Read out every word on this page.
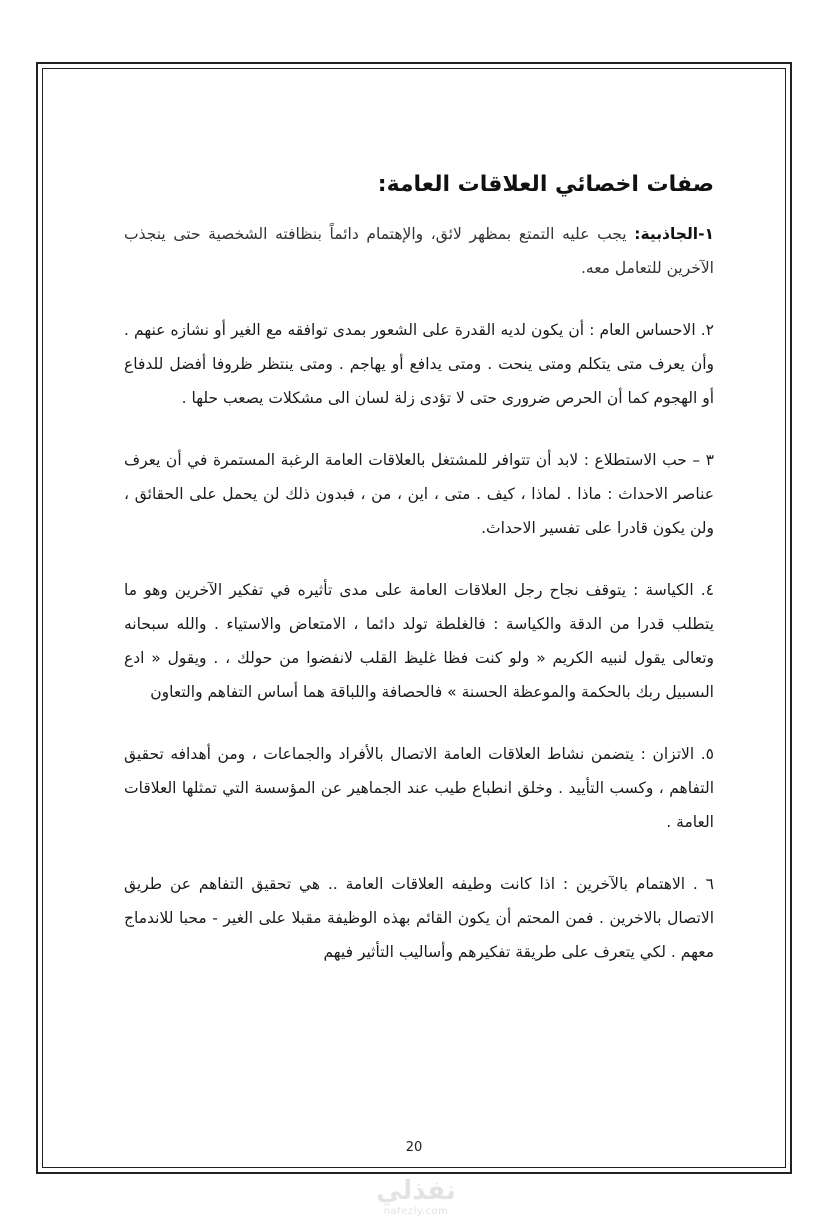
صفات اخصائي العلاقات العامة:

١-الجاذبية: يجب عليه التمتع بمظهر لائق، والإهتمام دائماً بنظافته الشخصية حتى ينجذب الآخرين للتعامل معه.

٢. الاحساس العام : أن يكون لديه القدرة على الشعور بمدى توافقه مع الغير أو نشازه عنهم . وأن يعرف متى يتكلم ومتى ينحت . ومتى يدافع أو يهاجم . ومتى ينتظر ظروفا أفضل للدفاع أو الهجوم كما أن الحرص ضرورى حتى لا تؤدى زلة لسان الى مشكلات يصعب حلها .

٣ – حب الاستطلاع : لابد أن تتوافر للمشتغل بالعلاقات العامة الرغبة المستمرة في أن يعرف عناصر الاحداث : ماذا . لماذا ، كيف . متى ، اين ، من ، فبدون ذلك لن يحمل على الحقائق ، ولن يكون قادرا على تفسير الاحداث.

٤. الكياسة : يتوقف نجاح رجل العلاقات العامة على مدى تأثيره في تفكير الآخرين وهو ما يتطلب قدرا من الدقة والكياسة : فالغلطة تولد دائما ، الامتعاض والاستياء . والله سبحانه وتعالى يقول لنبيه الكريم « ولو كنت فظا غليظ القلب لانفضوا من حولك ، . ويقول « ادع الىسبيل ربك بالحكمة والموعظة الحسنة » فالحصافة واللباقة هما أساس التفاهم والتعاون

٥. الاتزان : يتضمن نشاط العلاقات العامة الاتصال بالأفراد والجماعات ، ومن أهدافه تحقيق التفاهم ، وكسب التأييد . وخلق انطباع طيب عند الجماهير عن المؤسسة التي تمثلها العلاقات العامة .

٦ . الاهتمام بالآخرين : اذا كانت وطيفه العلاقات العامة .. هي تحقيق التفاهم عن طريق الاتصال بالاخرين . فمن المحتم أن يكون القائم بهذه الوظيفة مقبلا على الغير - محبا للاندماج معهم . لكي يتعرف على طريقة تفكيرهم وأساليب التأثير فيهم

20
نفذلي
nafezly.com
